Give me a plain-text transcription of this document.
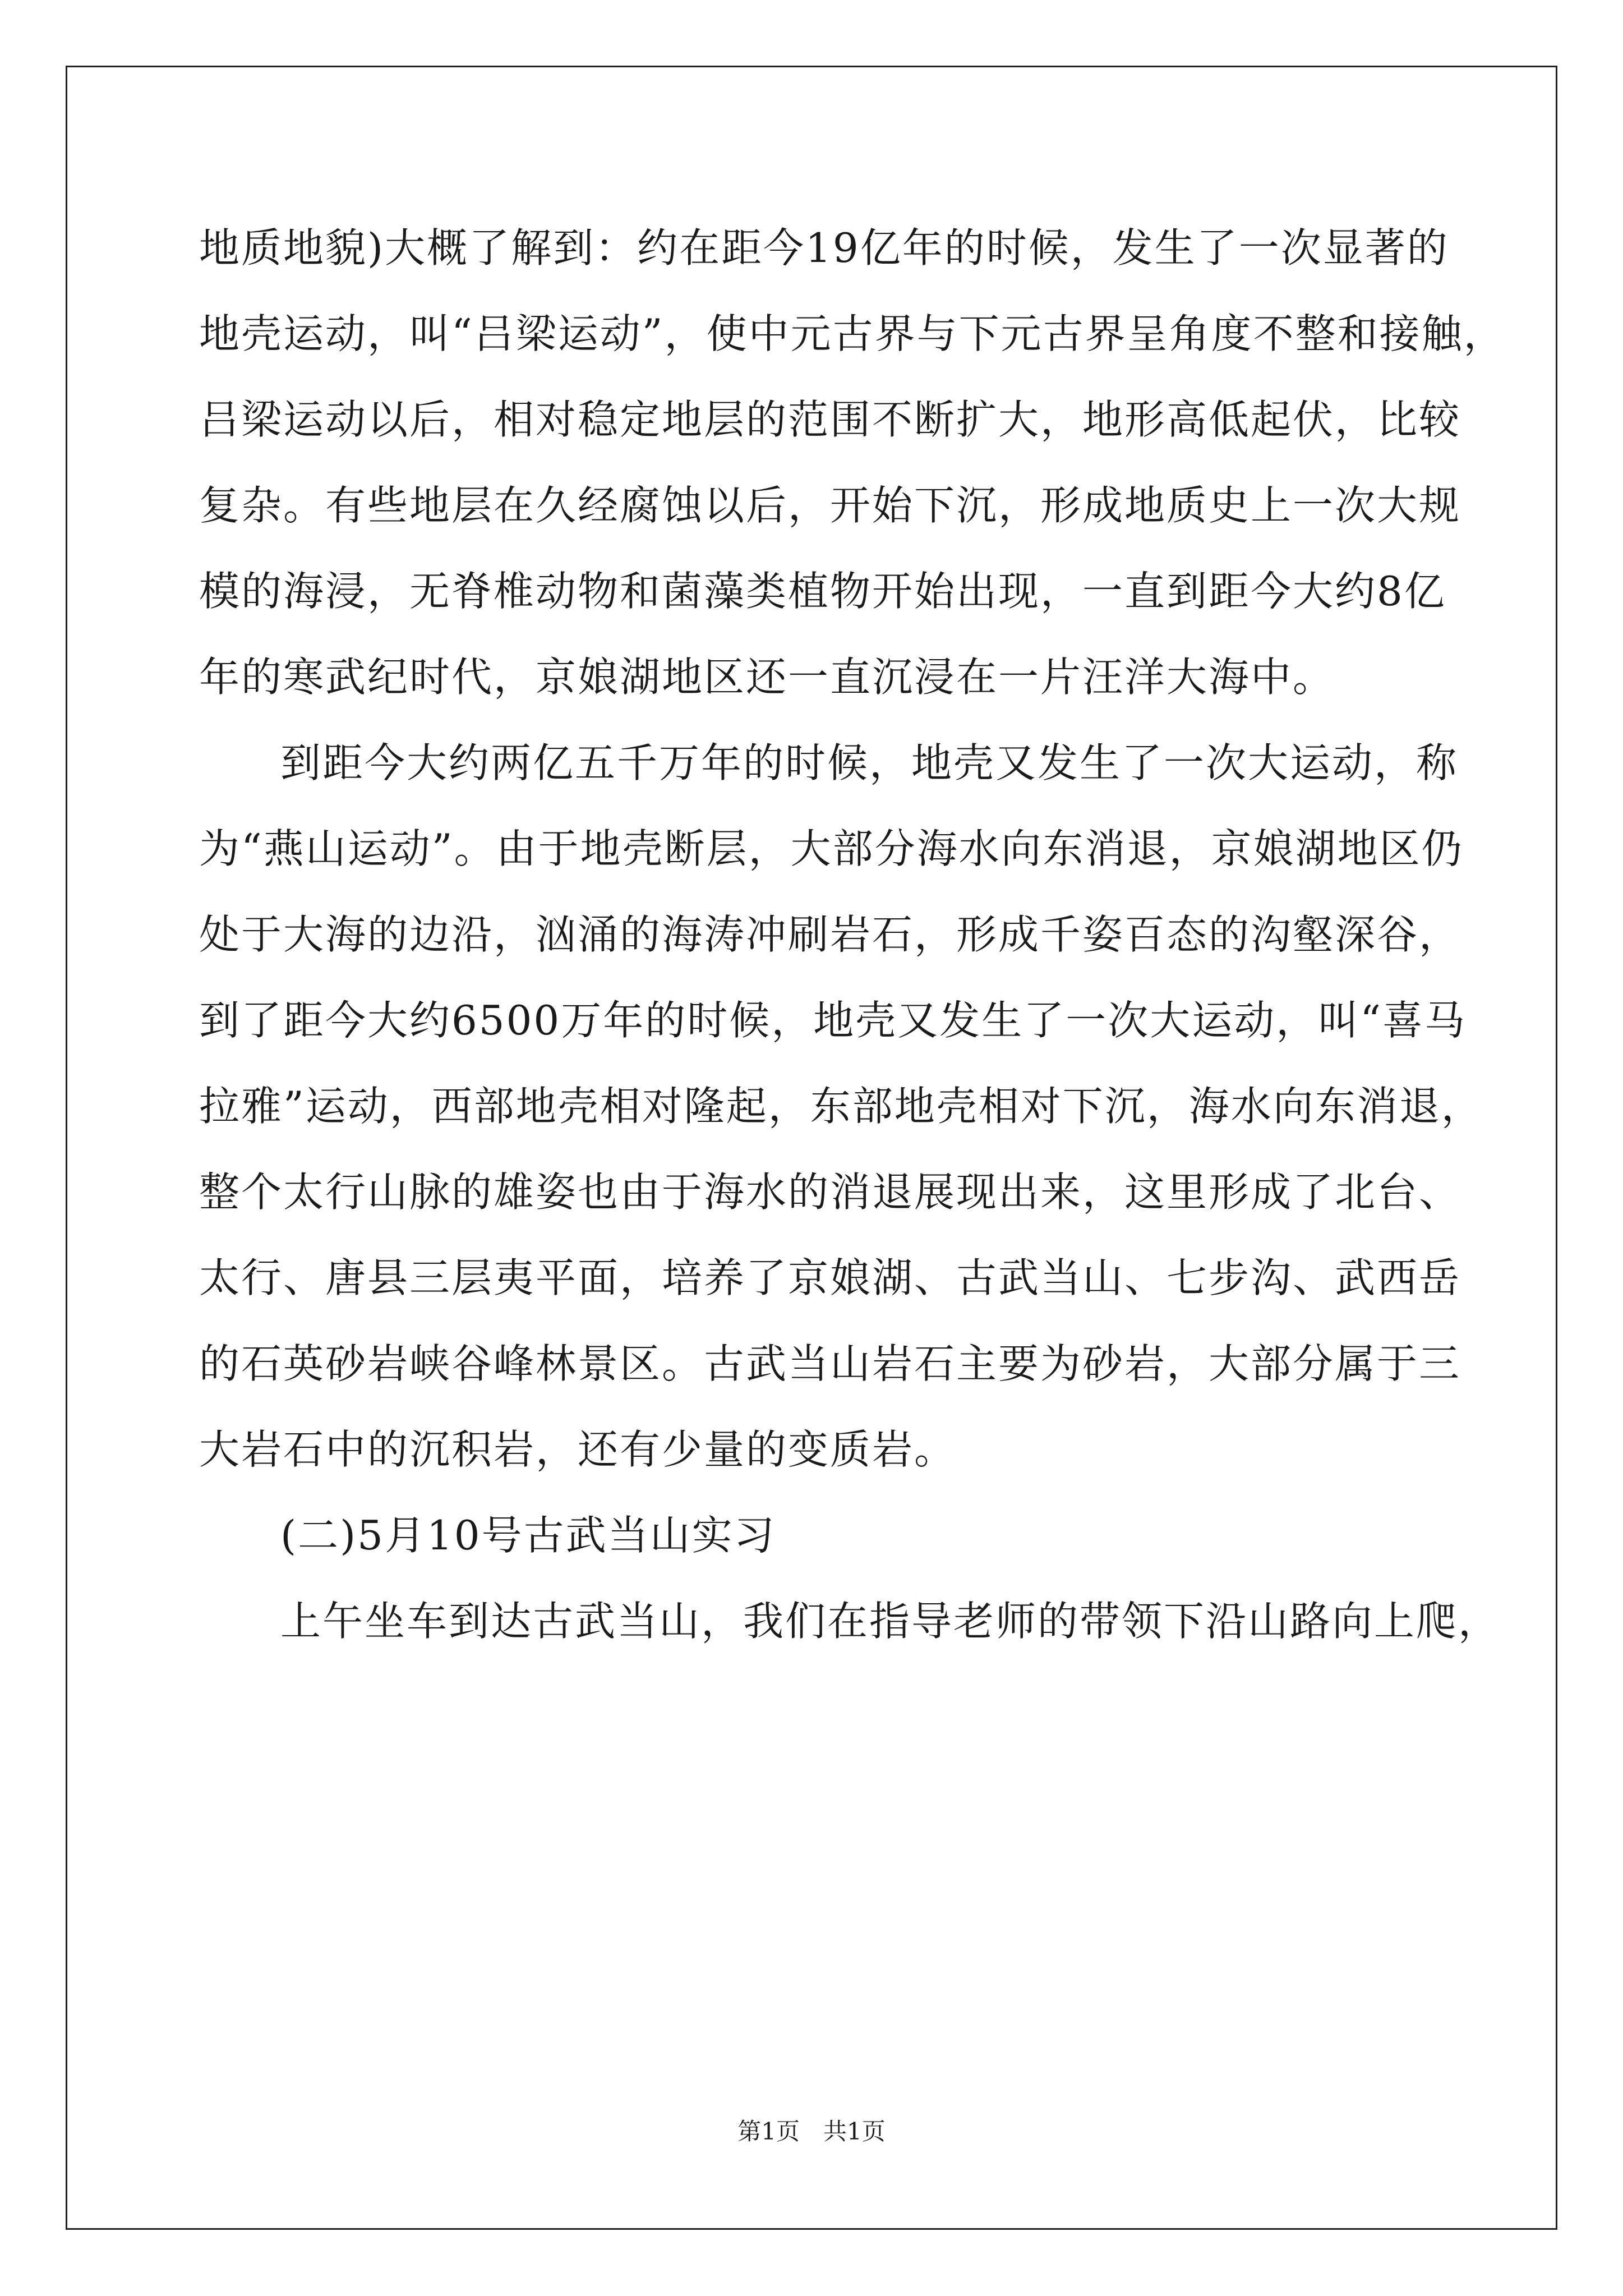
地质地貌)大概了解到：约在距今19亿年的时候，发生了一次显著的
地壳运动，叫“吕梁运动”，使中元古界与下元古界呈角度不整和接触，
吕梁运动以后，相对稳定地层的范围不断扩大，地形高低起伏，比较
复杂。有些地层在久经腐蚀以后，开始下沉，形成地质史上一次大规
模的海浸，无脊椎动物和菌藻类植物开始出现，一直到距今大约8亿
年的寒武纪时代，京娘湖地区还一直沉浸在一片汪洋大海中。
到距今大约两亿五千万年的时候，地壳又发生了一次大运动，称
为“燕山运动”。由于地壳断层，大部分海水向东消退，京娘湖地区仍
处于大海的边沿，汹涌的海涛冲刷岩石，形成千姿百态的沟壑深谷，
到了距今大约6500万年的时候，地壳又发生了一次大运动，叫“喜马
拉雅”运动，西部地壳相对隆起，东部地壳相对下沉，海水向东消退，
整个太行山脉的雄姿也由于海水的消退展现出来，这里形成了北台、
太行、唐县三层夷平面，培养了京娘湖、古武当山、七步沟、武西岳
的石英砂岩峡谷峰林景区。古武当山岩石主要为砂岩，大部分属于三
大岩石中的沉积岩，还有少量的变质岩。
(二)5月10号古武当山实习
上午坐车到达古武当山，我们在指导老师的带领下沿山路向上爬，
第1页　共1页
